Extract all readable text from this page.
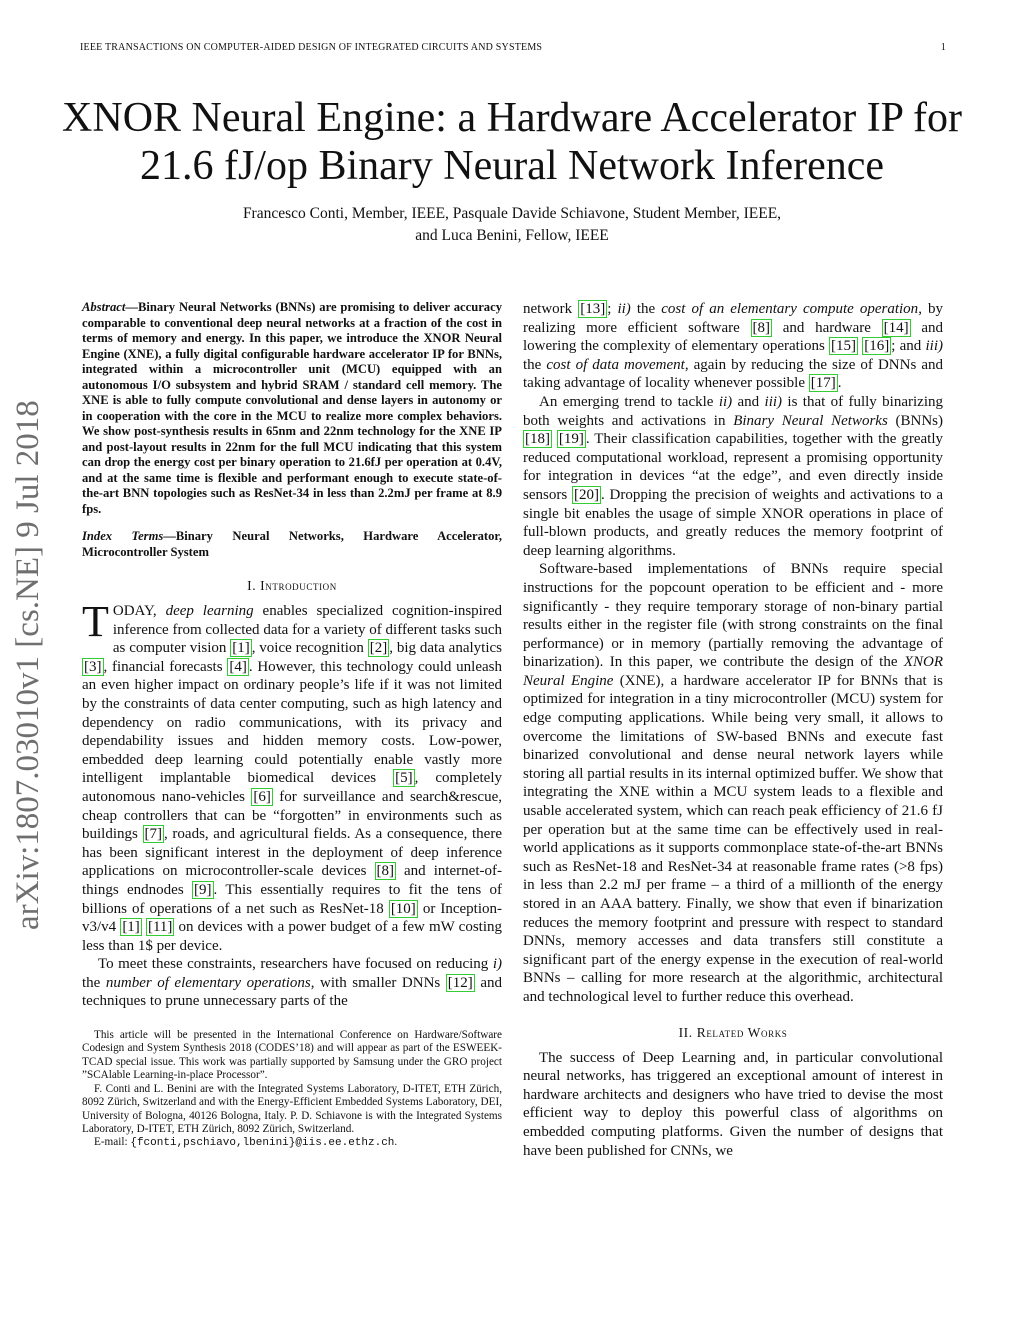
IEEE TRANSACTIONS ON COMPUTER-AIDED DESIGN OF INTEGRATED CIRCUITS AND SYSTEMS	1
arXiv:1807.03010v1 [cs.NE] 9 Jul 2018
XNOR Neural Engine: a Hardware Accelerator IP for 21.6 fJ/op Binary Neural Network Inference
Francesco Conti, Member, IEEE, Pasquale Davide Schiavone, Student Member, IEEE,
and Luca Benini, Fellow, IEEE

Abstract—Binary Neural Networks (BNNs) are promising to deliver accuracy comparable to conventional deep neural networks at a fraction of the cost in terms of memory and energy. In this paper, we introduce the XNOR Neural Engine (XNE), a fully digital configurable hardware accelerator IP for BNNs, integrated within a microcontroller unit (MCU) equipped with an autonomous I/O subsystem and hybrid SRAM / standard cell memory. The XNE is able to fully compute convolutional and dense layers in autonomy or in cooperation with the core in the MCU to realize more complex behaviors. We show post-synthesis results in 65nm and 22nm technology for the XNE IP and post-layout results in 22nm for the full MCU indicating that this system can drop the energy cost per binary operation to 21.6fJ per operation at 0.4V, and at the same time is flexible and performant enough to execute state-of-the-art BNN topologies such as ResNet-34 in less than 2.2mJ per frame at 8.9 fps.

Index Terms—Binary Neural Networks, Hardware Accelerator, Microcontroller System

I. Introduction

TODAY, deep learning enables specialized cognition-inspired inference from collected data for a variety of different tasks such as computer vision [1] , voice recognition [2] , big data analytics [3] , financial forecasts [4] . However, this technology could unleash an even higher impact on ordinary people’s life if it was not limited by the constraints of data center computing, such as high latency and dependency on radio communications, with its privacy and dependability issues and hidden memory costs. Low-power, embedded deep learning could potentially enable vastly more intelligent implantable biomedical devices [5] , completely autonomous nano-vehicles [6] for surveillance and search&rescue, cheap controllers that can be “forgotten” in environments such as buildings [7] , roads, and agricultural fields. As a consequence, there has been significant interest in the deployment of deep inference applications on microcontroller-scale devices [8] and internet-of-things endnodes [9] . This essentially requires to fit the tens of billions of operations of a net such as ResNet-18 [10] or Inception-v3/v4 [1] [11] on devices with a power budget of a few mW costing less than 1$ per device.

To meet these constraints, researchers have focused on reducing i) the number of elementary operations, with smaller DNNs [12] and techniques to prune unnecessary parts of the

This article will be presented in the International Conference on Hardware/Software Codesign and System Synthesis 2018 (CODES’18) and will appear as part of the ESWEEK-TCAD special issue. This work was partially supported by Samsung under the GRO project ”SCAlable Learning-in-place Processor”.

F. Conti and L. Benini are with the Integrated Systems Laboratory, D-ITET, ETH Zürich, 8092 Zürich, Switzerland and with the Energy-Efficient Embedded Systems Laboratory, DEI, University of Bologna, 40126 Bologna, Italy. P. D. Schiavone is with the Integrated Systems Laboratory, D-ITET, ETH Zürich, 8092 Zürich, Switzerland.

E-mail: {fconti,pschiavo,lbenini}@iis.ee.ethz.ch.

network [13] ; ii) the cost of an elementary compute operation, by realizing more efficient software [8] and hardware [14] and lowering the complexity of elementary operations [15] [16] ; and iii) the cost of data movement, again by reducing the size of DNNs and taking advantage of locality whenever possible [17] .

An emerging trend to tackle ii) and iii) is that of fully binarizing both weights and activations in Binary Neural Networks (BNNs) [18] [19] . Their classification capabilities, together with the greatly reduced computational workload, represent a promising opportunity for integration in devices “at the edge”, and even directly inside sensors [20] . Dropping the precision of weights and activations to a single bit enables the usage of simple XNOR operations in place of full-blown products, and greatly reduces the memory footprint of deep learning algorithms.

Software-based implementations of BNNs require special instructions for the popcount operation to be efficient and - more significantly - they require temporary storage of non-binary partial results either in the register file (with strong constraints on the final performance) or in memory (partially removing the advantage of binarization). In this paper, we contribute the design of the XNOR Neural Engine (XNE), a hardware accelerator IP for BNNs that is optimized for integration in a tiny microcontroller (MCU) system for edge computing applications. While being very small, it allows to overcome the limitations of SW-based BNNs and execute fast binarized convolutional and dense neural network layers while storing all partial results in its internal optimized buffer. We show that integrating the XNE within a MCU system leads to a flexible and usable accelerated system, which can reach peak efficiency of 21.6 fJ per operation but at the same time can be effectively used in real-world applications as it supports commonplace state-of-the-art BNNs such as ResNet-18 and ResNet-34 at reasonable frame rates (>8 fps) in less than 2.2 mJ per frame – a third of a millionth of the energy stored in an AAA battery. Finally, we show that even if binarization reduces the memory footprint and pressure with respect to standard DNNs, memory accesses and data transfers still constitute a significant part of the energy expense in the execution of real-world BNNs – calling for more research at the algorithmic, architectural and technological level to further reduce this overhead.

II. Related Works

The success of Deep Learning and, in particular convolutional neural networks, has triggered an exceptional amount of interest in hardware architects and designers who have tried to devise the most efficient way to deploy this powerful class of algorithms on embedded computing platforms. Given the number of designs that have been published for CNNs, we
